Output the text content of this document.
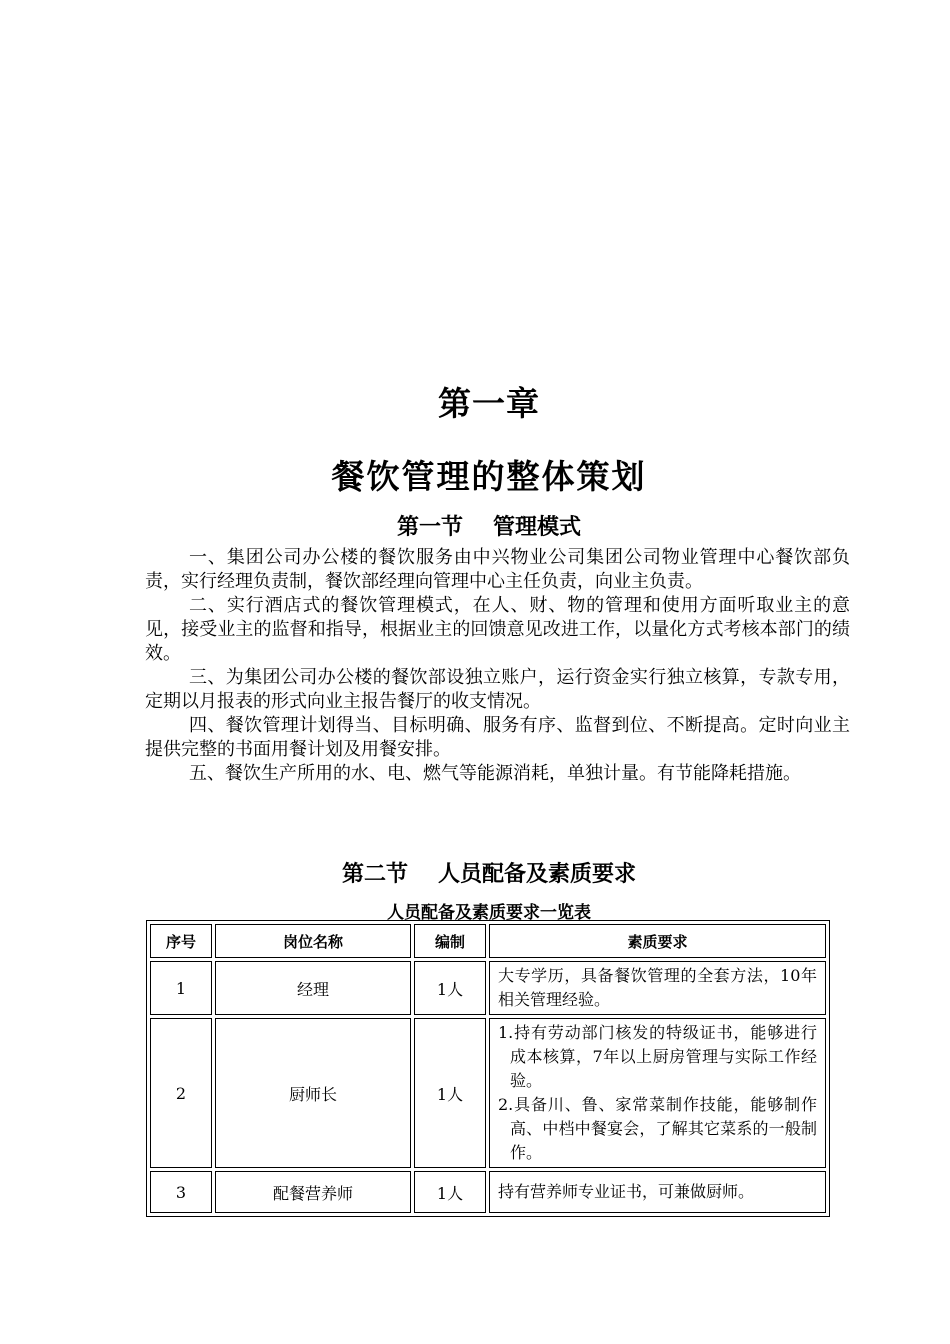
第一章
餐饮管理的整体策划
第一节 管理模式

一、集团公司办公楼的餐饮服务由中兴物业公司集团公司物业管理中心餐饮部负责，实行经理负责制，餐饮部经理向管理中心主任负责，向业主负责。

二、实行酒店式的餐饮管理模式，在人、财、物的管理和使用方面听取业主的意见，接受业主的监督和指导，根据业主的回馈意见改进工作，以量化方式考核本部门的绩效。

三、为集团公司办公楼的餐饮部设独立账户，运行资金实行独立核算，专款专用，定期以月报表的形式向业主报告餐厅的收支情况。

四、餐饮管理计划得当、目标明确、服务有序、监督到位、不断提高。定时向业主提供完整的书面用餐计划及用餐安排。

五、餐饮生产所用的水、电、燃气等能源消耗，单独计量。有节能降耗措施。

第二节 人员配备及素质要求
人员配备及素质要求一览表
序号	岗位名称	编制	素质要求
1	经理	1人	大专学历，具备餐饮管理的全套方法，10年相关管理经验。

2	厨师长	1人	1.持有劳动部门核发的特级证书，能够进行成本核算，7年以上厨房管理与实际工作经验。
2.具备川、鲁、家常菜制作技能，能够制作高、中档中餐宴会，了解其它菜系的一般制作。

3	配餐营养师	1人	持有营养师专业证书，可兼做厨师。
